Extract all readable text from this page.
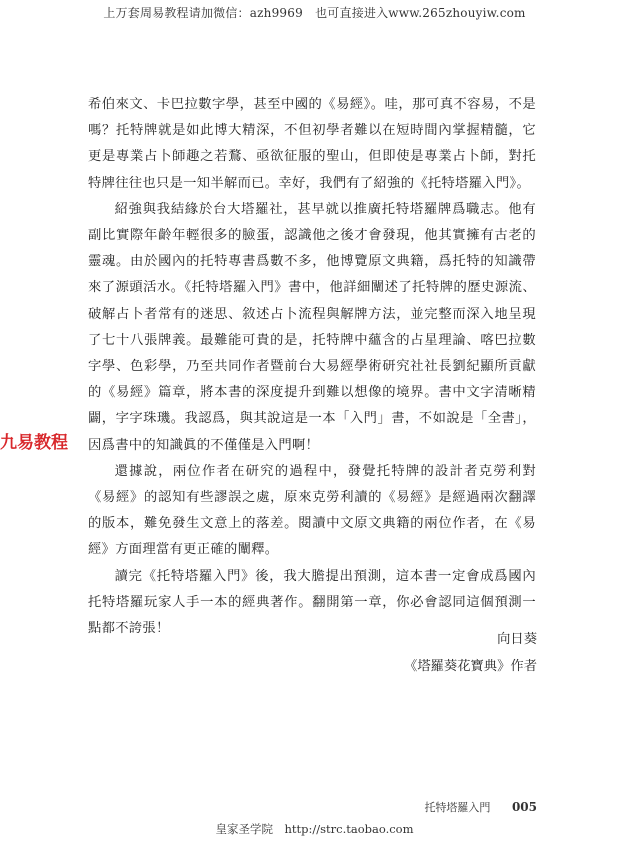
上万套周易教程请加微信：azh9969　也可直接进入www.265zhouyiw.com
九易教程

希伯來文、卡巴拉數字學，甚至中國的《易經》。哇，那可真不容易，不是嗎？托特牌就是如此博大精深，不但初學者難以在短時間內掌握精髓，它更是專業占卜師趣之若鶩、亟欲征服的聖山，但即使是專業占卜師，對托特牌往往也只是一知半解而已。幸好，我們有了紹強的《托特塔羅入門》。

紹強與我結緣於台大塔羅社，甚早就以推廣托特塔羅牌爲職志。他有副比實際年齡年輕很多的臉蛋，認識他之後才會發現，他其實擁有古老的靈魂。由於國內的托特專書爲數不多，他博覽原文典籍，爲托特的知識帶來了源頭活水。《托特塔羅入門》書中，他詳細闡述了托特牌的歷史源流、破解占卜者常有的迷思、敘述占卜流程與解牌方法，並完整而深入地呈現了七十八張牌義。最難能可貴的是，托特牌中蘊含的占星理論、喀巴拉數字學、色彩學，乃至共同作者暨前台大易經學術研究社社長劉紀顯所貢獻的《易經》篇章，將本書的深度提升到難以想像的境界。書中文字清晰精闢，字字珠璣。我認爲，與其說這是一本「入門」書，不如說是「全書」，因爲書中的知識眞的不僅僅是入門啊！

還據說，兩位作者在研究的過程中，發覺托特牌的設計者克勞利對《易經》的認知有些謬誤之處，原來克勞利讀的《易經》是經過兩次翻譯的版本，難免發生文意上的落差。閱讀中文原文典籍的兩位作者，在《易經》方面理當有更正確的闡釋。

讀完《托特塔羅入門》後，我大膽提出預測，這本書一定會成爲國內托特塔羅玩家人手一本的經典著作。翻開第一章，你必會認同這個預測一點都不誇張！

向日葵
《塔羅葵花寶典》作者
托特塔羅入門 005
皇家圣学院　http://strc.taobao.com
